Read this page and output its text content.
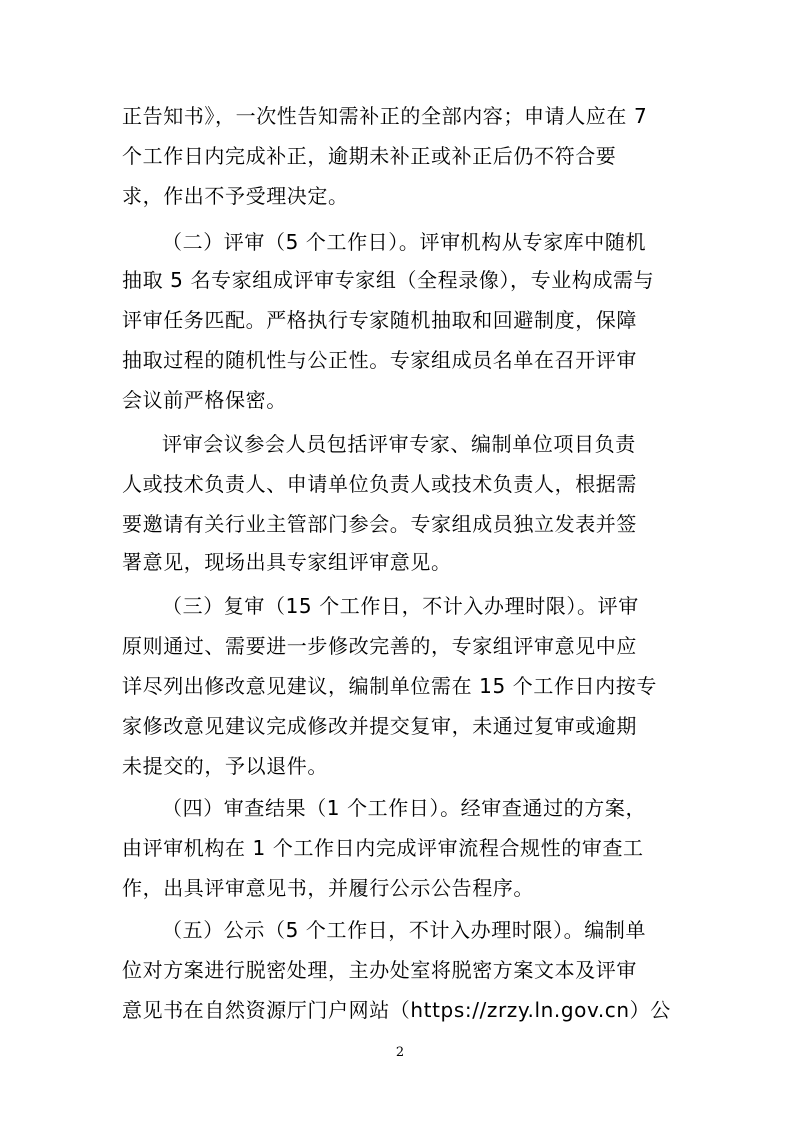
正告知书》，一次性告知需补正的全部内容；申请人应在 7
个工作日内完成补正，逾期未补正或补正后仍不符合要
求，作出不予受理决定。
（二）评审（5 个工作日）。评审机构从专家库中随机
抽取 5 名专家组成评审专家组（全程录像），专业构成需与
评审任务匹配。严格执行专家随机抽取和回避制度，保障
抽取过程的随机性与公正性。专家组成员名单在召开评审
会议前严格保密。
评审会议参会人员包括评审专家、编制单位项目负责
人或技术负责人、申请单位负责人或技术负责人，根据需
要邀请有关行业主管部门参会。专家组成员独立发表并签
署意见，现场出具专家组评审意见。
（三）复审（15 个工作日，不计入办理时限）。评审
原则通过、需要进一步修改完善的，专家组评审意见中应
详尽列出修改意见建议，编制单位需在 15 个工作日内按专
家修改意见建议完成修改并提交复审，未通过复审或逾期
未提交的，予以退件。
（四）审查结果（1 个工作日）。经审查通过的方案，
由评审机构在 1 个工作日内完成评审流程合规性的审查工
作，出具评审意见书，并履行公示公告程序。
（五）公示（5 个工作日，不计入办理时限）。编制单
位对方案进行脱密处理，主办处室将脱密方案文本及评审
意见书在自然资源厅门户网站（https://zrzy.ln.gov.cn）公
2
